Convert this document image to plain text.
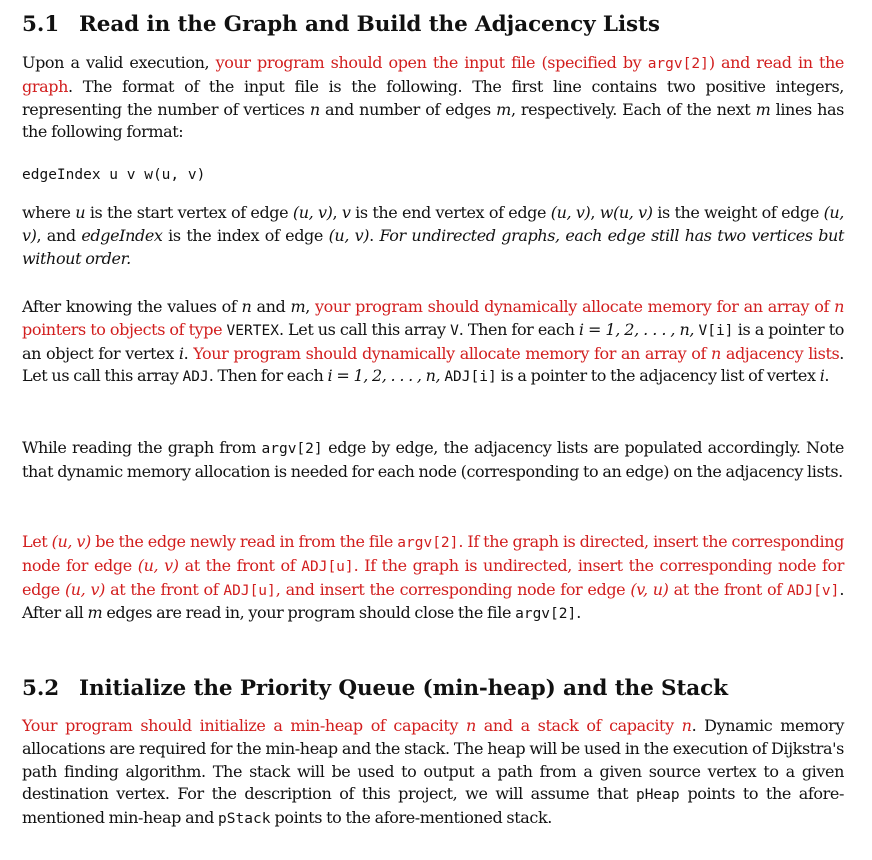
5.1 Read in the Graph and Build the Adjacency Lists

Upon a valid execution, your program should open the input file (specified by argv[2]) and read in the graph. The format of the input file is the following. The first line contains two positive integers, representing the number of vertices n and number of edges m, respectively. Each of the next m lines has the following format:

edgeIndex u v w(u, v)

where u is the start vertex of edge (u, v), v is the end vertex of edge (u, v), w(u, v) is the weight of edge (u, v), and edgeIndex is the index of edge (u, v). For undirected graphs, each edge still has two vertices but without order.

After knowing the values of n and m, your program should dynamically allocate memory for an array of n pointers to objects of type VERTEX. Let us call this array V. Then for each i = 1, 2, . . . , n, V[i] is a pointer to an object for vertex i. Your program should dynamically allocate memory for an array of n adjacency lists. Let us call this array ADJ. Then for each i = 1, 2, . . . , n, ADJ[i] is a pointer to the adjacency list of vertex i.

While reading the graph from argv[2] edge by edge, the adjacency lists are populated accordingly. Note that dynamic memory allocation is needed for each node (corresponding to an edge) on the adjacency lists.

Let (u, v) be the edge newly read in from the file argv[2]. If the graph is directed, insert the corresponding node for edge (u, v) at the front of ADJ[u]. If the graph is undirected, insert the corresponding node for edge (u, v) at the front of ADJ[u], and insert the corresponding node for edge (v, u) at the front of ADJ[v]. After all m edges are read in, your program should close the file argv[2].

5.2 Initialize the Priority Queue (min-heap) and the Stack

Your program should initialize a min-heap of capacity n and a stack of capacity n. Dynamic memory allocations are required for the min-heap and the stack. The heap will be used in the execution of Dijkstra's path finding algorithm. The stack will be used to output a path from a given source vertex to a given destination vertex. For the description of this project, we will assume that pHeap points to the afore-mentioned min-heap and pStack points to the afore-mentioned stack.
